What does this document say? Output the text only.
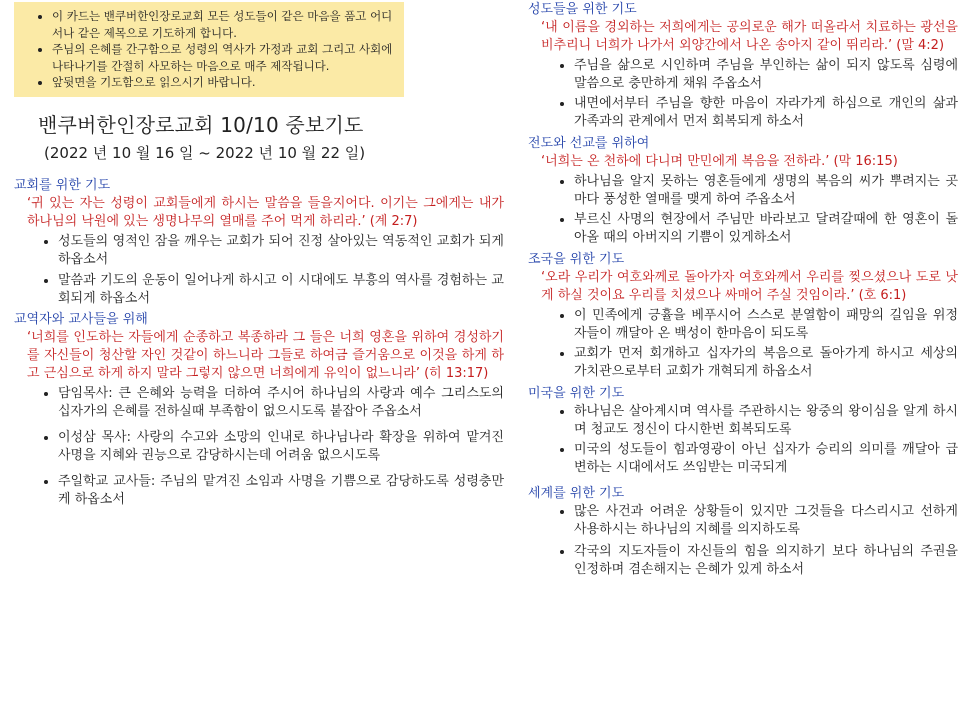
• 이 카드는 밴쿠버한인장로교회 모든 성도들이 같은 마음을 품고 어디서나 같은 제목으로 기도하게 합니다.
• 주님의 은혜를 간구함으로 성령의 역사가 가정과 교회 그리고 사회에 나타나기를 간절히 사모하는 마음으로 매주 제작됩니다.
• 앞뒷면을 기도함으로 읽으시기 바랍니다.
밴쿠버한인장로교회 10/10 중보기도
(2022 년 10 월 16 일 ~ 2022 년 10 월 22 일)
교회를 위한 기도
‘귀 있는 자는 성령이 교회들에게 하시는 말씀을 들을지어다. 이기는 그에게는 내가 하나님의 낙원에 있는 생명나무의 열매를 주어 먹게 하리라.’ (계 2:7)
• 성도들의 영적인 잠을 깨우는 교회가 되어 진정 살아있는 역동적인 교회가 되게 하옵소서
• 말씀과 기도의 운동이 일어나게 하시고 이 시대에도 부흥의 역사를 경험하는 교회되게 하옵소서
교역자와 교사들을 위해
‘너희를 인도하는 자들에게 순종하고 복종하라 그 들은 너희 영혼을 위하여 경성하기를 자신들이 청산할 자인 것같이 하느니라 그들로 하여금 즐거움으로 이것을 하게 하고 근심으로 하게 하지 말라 그렇지 않으면 너희에게 유익이 없느니라’ (히 13:17)
• 담임목사: 큰 은혜와 능력을 더하여 주시어 하나님의 사랑과 예수 그리스도의 십자가의 은혜를 전하실때 부족함이 없으시도록 붙잡아 주옵소서
• 이성삼 목사: 사랑의 수고와 소망의 인내로 하나님나라 확장을 위하여 맡겨진 사명을 지혜와 권능으로 감당하시는데 어려움 없으시도록
• 주일학교 교사들: 주님의 맡겨진 소임과 사명을 기쁨으로 감당하도록 성령충만케 하옵소서
성도들을 위한 기도
‘내 이름을 경외하는 저희에게는 공의로운 해가 떠올라서 치료하는 광선을 비추리니 너희가 나가서 외양간에서 나온 송아지 같이 뛰리라.’ (말 4:2)
• 주님을 삶으로 시인하며 주님을 부인하는 삶이 되지 않도록 심령에 말씀으로 충만하게 채워 주옵소서
• 내면에서부터 주님을 향한 마음이 자라가게 하심으로 개인의 삶과 가족과의 관계에서 먼저 회복되게 하소서
전도와 선교를 위하여
‘너희는 온 천하에 다니며 만민에게 복음을 전하라.’ (막 16:15)
• 하나님을 알지 못하는 영혼들에게 생명의 복음의 씨가 뿌려지는 곳마다 풍성한 열매를 맺게 하여 주옵소서
• 부르신 사명의 현장에서 주님만 바라보고 달려갈때에 한 영혼이 돌아올 때의 아버지의 기쁨이 있게하소서
조국을 위한 기도
‘오라 우리가 여호와께로 돌아가자 여호와께서 우리를 찢으셨으나 도로 낫게 하실 것이요 우리를 치셨으나 싸매어 주실 것임이라.’ (호 6:1)
• 이 민족에게 긍휼을 베푸시어 스스로 분열함이 패망의 길임을 위정자들이 깨달아 온 백성이 한마음이 되도록
• 교회가 먼저 회개하고 십자가의 복음으로 돌아가게 하시고 세상의 가치관으로부터 교회가 개혁되게 하옵소서
미국을 위한 기도
• 하나님은 살아계시며 역사를 주관하시는 왕중의 왕이심을 알게 하시며 청교도 정신이 다시한번 회복되도록
• 미국의 성도들이 힘과영광이 아닌 십자가 승리의 의미를 깨달아 급변하는 시대에서도 쓰임받는 미국되게
세계를 위한 기도
• 많은 사건과 어려운 상황들이 있지만 그것들을 다스리시고 선하게 사용하시는 하나님의 지혜를 의지하도록
• 각국의 지도자들이 자신들의 힘을 의지하기 보다 하나님의 주권을 인정하며 겸손해지는 은혜가 있게 하소서
